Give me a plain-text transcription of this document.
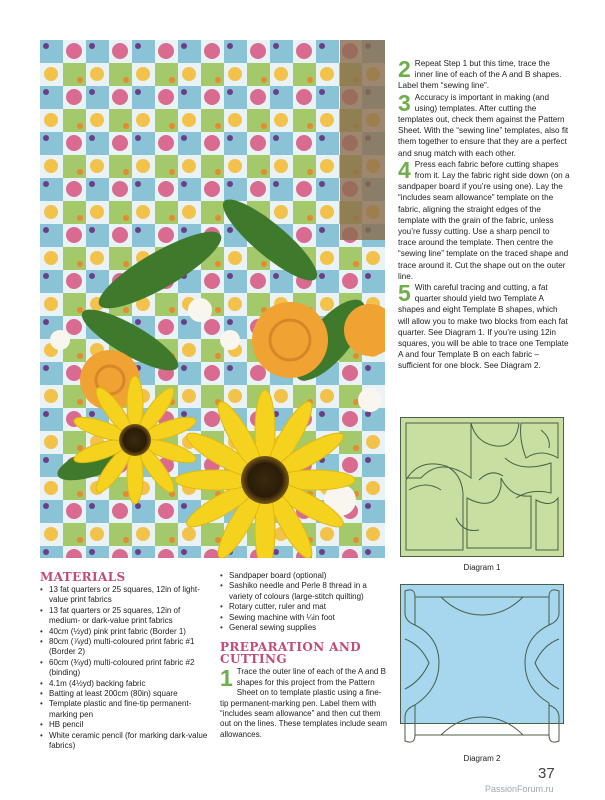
2 Repeat Step 1 but this time, trace the inner line of each of the A and B shapes. Label them “sewing line”.

3 Accuracy is important in making (and using) templates. After cutting the templates out, check them against the Pattern Sheet. With the “sewing line” templates, also fit them together to ensure that they are a perfect and snug match with each other.

4 Press each fabric before cutting shapes from it. Lay the fabric right side down (on a sandpaper board if you’re using one). Lay the “includes seam allowance” template on the fabric, aligning the straight edges of the template with the grain of the fabric, unless you’re fussy cutting. Use a sharp pencil to trace around the template. Then centre the “sewing line” template on the traced shape and trace around it. Cut the shape out on the outer line.

5 With careful tracing and cutting, a fat quarter should yield two Template A shapes and eight Template B shapes, which will allow you to make two blocks from each fat quarter. See Diagram 1. If you’re using 12in squares, you will be able to trace one Template A and four Template B on each fabric – sufficient for one block. See Diagram 2.

Diagram 1
Diagram 2
MATERIALS
• 13 fat quarters or 25 squares, 12in of light-value print fabrics
• 13 fat quarters or 25 squares, 12in of medium- or dark-value print fabrics
• 40cm (½yd) pink print fabric (Border 1)
• 80cm (⅞yd) multi-coloured print fabric #1 (Border 2)
• 60cm (¾yd) multi-coloured print fabric #2 (binding)
• 4.1m (4½yd) backing fabric
• Batting at least 200cm (80in) square
• Template plastic and fine-tip permanent-marking pen
• HB pencil
• White ceramic pencil (for marking dark-value fabrics)
• Sandpaper board (optional)
• Sashiko needle and Perle 8 thread in a variety of colours (large-stitch quilting)
• Rotary cutter, ruler and mat
• Sewing machine with ¼in foot
• General sewing supplies
PREPARATION AND
CUTTING

1 Trace the outer line of each of the A and B shapes for this project from the Pattern Sheet on to template plastic using a fine-tip permanent-marking pen. Label them with “includes seam allowance” and then cut them out on the lines. These templates include seam allowances.

37
PassionForum.ru
